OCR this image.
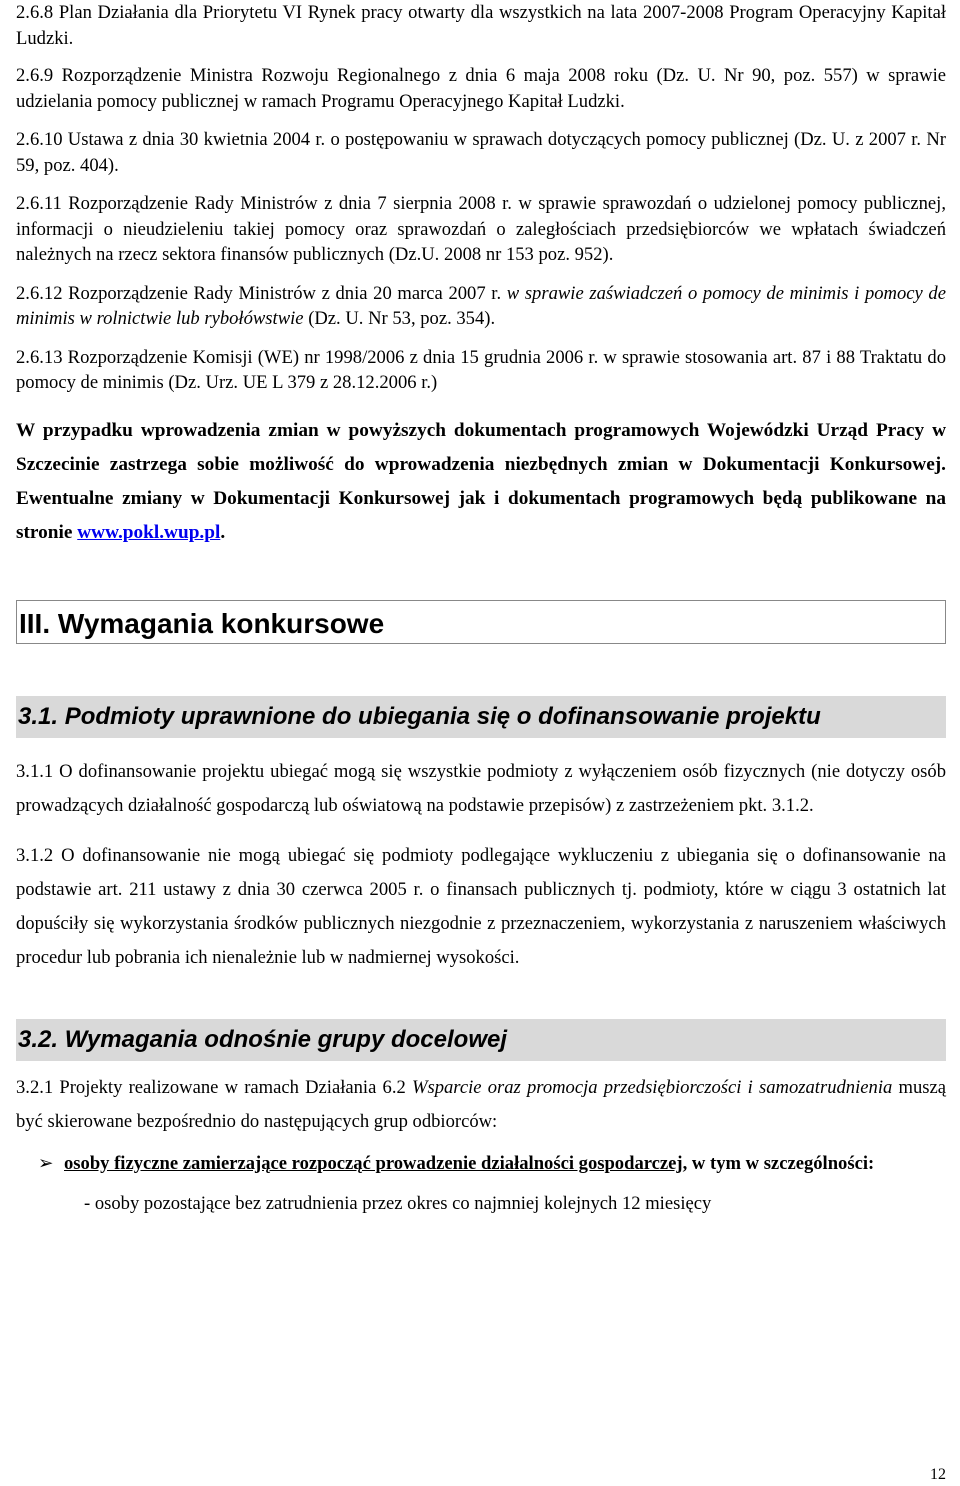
2.6.8 Plan Działania dla Priorytetu VI Rynek pracy otwarty dla wszystkich na lata 2007-2008 Program Operacyjny Kapitał Ludzki.

2.6.9 Rozporządzenie Ministra Rozwoju Regionalnego z dnia 6 maja 2008 roku (Dz. U. Nr 90, poz. 557) w sprawie udzielania pomocy publicznej w ramach Programu Operacyjnego Kapitał Ludzki.

2.6.10 Ustawa z dnia 30 kwietnia 2004 r. o postępowaniu w sprawach dotyczących pomocy publicznej (Dz. U. z 2007 r. Nr 59, poz. 404).

2.6.11 Rozporządzenie Rady Ministrów z dnia 7 sierpnia 2008 r. w sprawie sprawozdań o udzielonej pomocy publicznej, informacji o nieudzieleniu takiej pomocy oraz sprawozdań o zaległościach przedsiębiorców we wpłatach świadczeń należnych na rzecz sektora finansów publicznych (Dz.U. 2008 nr 153 poz. 952).

2.6.12 Rozporządzenie Rady Ministrów z dnia 20 marca 2007 r. w sprawie zaświadczeń o pomocy de minimis i pomocy de minimis w rolnictwie lub rybołówstwie (Dz. U. Nr 53, poz. 354).

2.6.13 Rozporządzenie Komisji (WE) nr 1998/2006 z dnia 15 grudnia 2006 r. w sprawie stosowania art. 87 i 88 Traktatu do pomocy de minimis (Dz. Urz. UE L 379 z 28.12.2006 r.)

W przypadku wprowadzenia zmian w powyższych dokumentach programowych Wojewódzki Urząd Pracy w Szczecinie zastrzega sobie możliwość do wprowadzenia niezbędnych zmian w Dokumentacji Konkursowej. Ewentualne zmiany w Dokumentacji Konkursowej jak i dokumentach programowych będą publikowane na stronie www.pokl.wup.pl.

III. Wymagania konkursowe
3.1. Podmioty uprawnione do ubiegania się o dofinansowanie projektu

3.1.1 O dofinansowanie projektu ubiegać mogą się wszystkie podmioty z wyłączeniem osób fizycznych (nie dotyczy osób prowadzących działalność gospodarczą lub oświatową na podstawie przepisów) z zastrzeżeniem pkt. 3.1.2.

3.1.2 O dofinansowanie nie mogą ubiegać się podmioty podlegające wykluczeniu z ubiegania się o dofinansowanie na podstawie art. 211 ustawy z dnia 30 czerwca 2005 r. o finansach publicznych tj. podmioty, które w ciągu 3 ostatnich lat dopuściły się wykorzystania środków publicznych niezgodnie z przeznaczeniem, wykorzystania z naruszeniem właściwych procedur lub pobrania ich nienależnie lub w nadmiernej wysokości.

3.2. Wymagania odnośnie grupy docelowej

3.2.1 Projekty realizowane w ramach Działania 6.2 Wsparcie oraz promocja przedsiębiorczości i samozatrudnienia muszą być skierowane bezpośrednio do następujących grup odbiorców:

➢ osoby fizyczne zamierzające rozpocząć prowadzenie działalności gospodarczej, w tym w szczególności:

- osoby pozostające bez zatrudnienia przez okres co najmniej kolejnych 12 miesięcy

12
